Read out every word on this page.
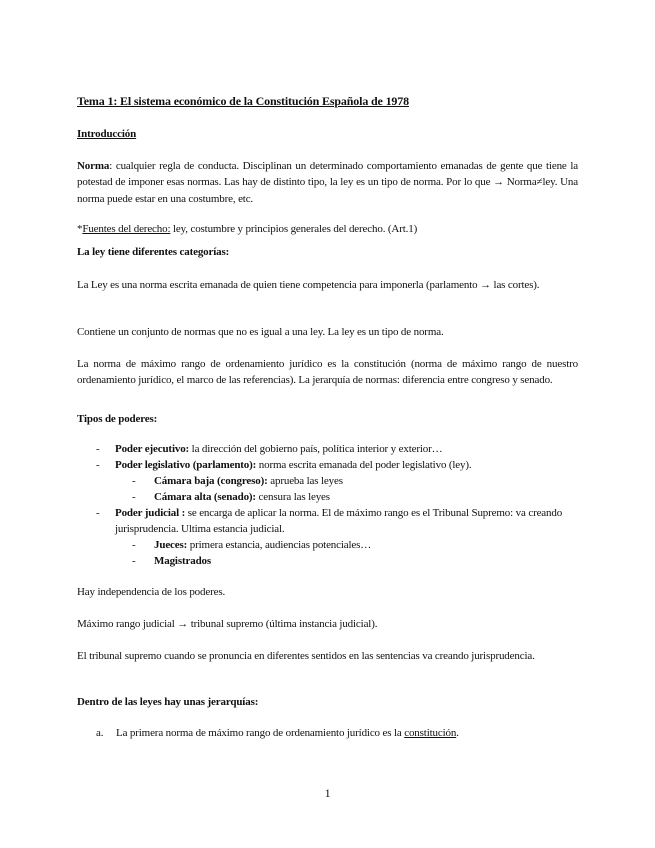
Tema 1: El sistema económico de la Constitución Española de 1978
Introducción
Norma: cualquier regla de conducta. Disciplinan un determinado comportamiento emanadas de gente que tiene la potestad de imponer esas normas. Las hay de distinto tipo, la ley es un tipo de norma. Por lo que → Norma≠ley. Una norma puede estar en una costumbre, etc.
*Fuentes del derecho: ley, costumbre y principios generales del derecho. (Art.1)
La ley tiene diferentes categorías:
La Ley es una norma escrita emanada de quien tiene competencia para imponerla (parlamento → las cortes).
Contiene un conjunto de normas que no es igual a una ley. La ley es un tipo de norma.
La norma de máximo rango de ordenamiento jurídico es la constitución (norma de máximo rango de nuestro ordenamiento jurídico, el marco de las referencias). La jerarquía de normas: diferencia entre congreso y senado.
Tipos de poderes:
- Poder ejecutivo: la dirección del gobierno país, política interior y exterior…
- Poder legislativo (parlamento): norma escrita emanada del poder legislativo (ley).
- Cámara baja (congreso): aprueba las leyes
- Cámara alta (senado): censura las leyes
- Poder judicial : se encarga de aplicar la norma. El de máximo rango es el Tribunal Supremo: va creando jurisprudencia. Ultima estancia judicial.
- Jueces: primera estancia, audiencias potenciales…
- Magistrados
Hay independencia de los poderes.
Máximo rango judicial → tribunal supremo (última instancia judicial).
El tribunal supremo cuando se pronuncia en diferentes sentidos en las sentencias va creando jurisprudencia.
Dentro de las leyes hay unas jerarquías:
a. La primera norma de máximo rango de ordenamiento jurídico es la constitución.
1
